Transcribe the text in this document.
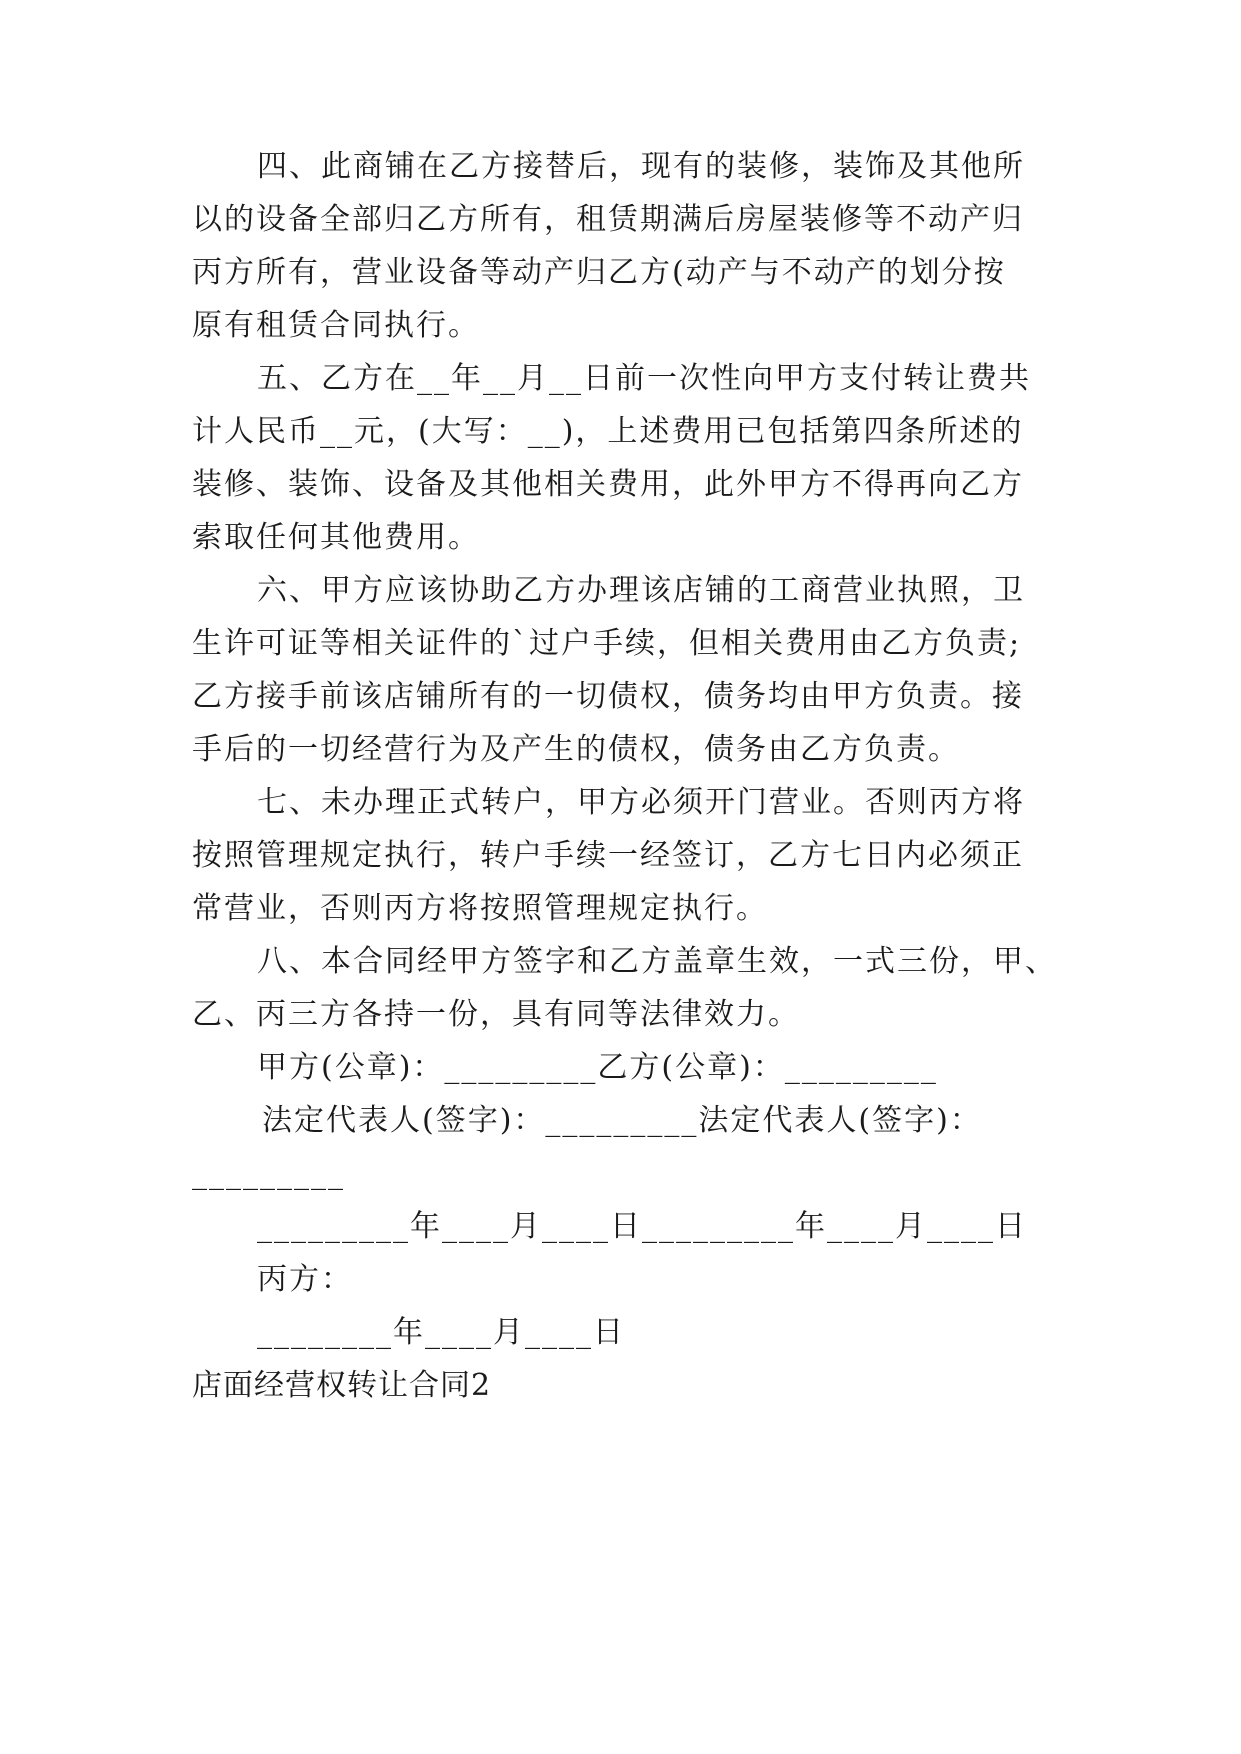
四、此商铺在乙方接替后，现有的装修，装饰及其他所
以的设备全部归乙方所有，租赁期满后房屋装修等不动产归
丙方所有，营业设备等动产归乙方(动产与不动产的划分按
原有租赁合同执行。
五、乙方在__年__月__日前一次性向甲方支付转让费共
计人民币__元，(大写：__)，上述费用已包括第四条所述的
装修、装饰、设备及其他相关费用，此外甲方不得再向乙方
索取任何其他费用。
六、甲方应该协助乙方办理该店铺的工商营业执照，卫
生许可证等相关证件的`过户手续，但相关费用由乙方负责;
乙方接手前该店铺所有的一切债权，债务均由甲方负责。接
手后的一切经营行为及产生的债权，债务由乙方负责。
七、未办理正式转户，甲方必须开门营业。否则丙方将
按照管理规定执行，转户手续一经签订，乙方七日内必须正
常营业，否则丙方将按照管理规定执行。
八、本合同经甲方签字和乙方盖章生效，一式三份，甲、
乙、丙三方各持一份，具有同等法律效力。
甲方(公章)：_________乙方(公章)：_________
法定代表人(签字)：_________法定代表人(签字)：
_________
_________年____月____日_________年____月____日
丙方：
________年____月____日
店面经营权转让合同2
